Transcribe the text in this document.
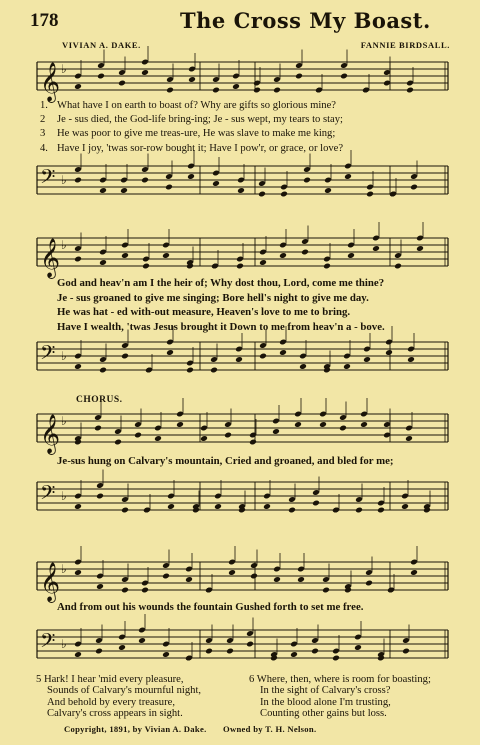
178	The Cross My Boast.
VIVIAN A. DAKE.	FANNIE BIRDSALL.
𝄞 ♭
𝄢 ♭
𝄞 ♭
𝄢 ♭
𝄞 ♭
𝄢 ♭
𝄞 ♭
𝄢 ♭
1. What have I on earth to boast of? Why are gifts so glorious mine?
2	Je - sus died, the God-life bring-ing; Je - sus wept, my tears to stay;
3	He was poor to give me treas-ure, He was slave to make me king;
4. Have I joy, 'twas sor-row bought it; Have I pow'r, or grace, or love?
God and heav'n am I the heir of; Why dost thou, Lord, come me thine?
Je - sus groaned to give me singing; Bore hell's night to give me day.
He was hat - ed with-out measure, Heaven's love to me to bring.
Have I wealth, 'twas Jesus brought it Down to me from heav'n a - bove.
CHORUS.
Je-sus hung on Calvary's mountain, Cried and groaned, and bled for me;
And from out his wounds the fountain Gushed forth to set me free.
5 Hark! I hear 'mid every pleasure,
Sounds of Calvary's mournful night,
And behold by every treasure,
Calvary's cross appears in sight.
6 Where, then, where is room for boasting;
In the sight of Calvary's cross?
In the blood alone I'm trusting,
Counting other gains but loss.
Copyright, 1891, by Vivian A. Dake. Owned by T. H. Nelson.
